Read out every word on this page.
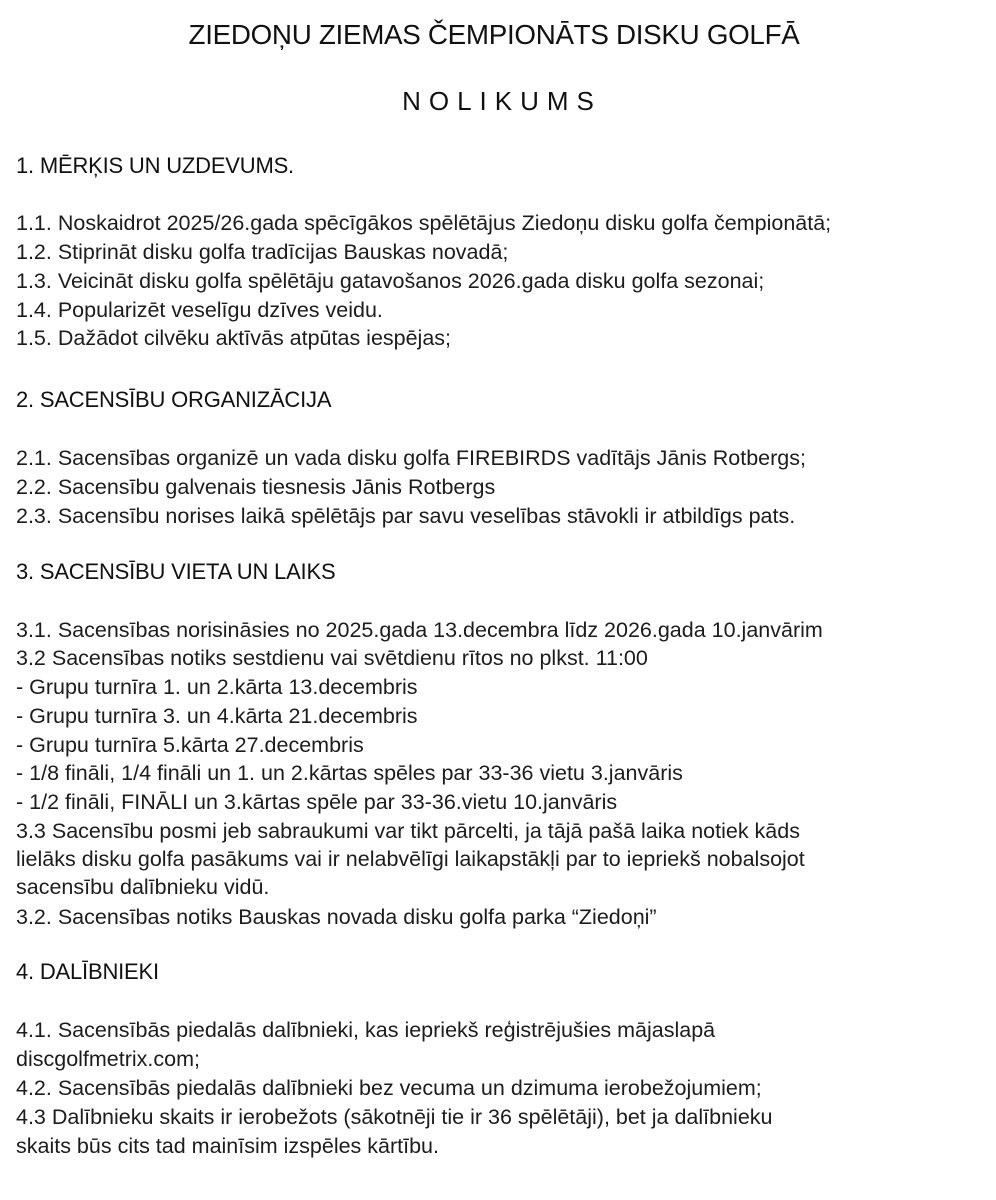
ZIEDOŅU ZIEMAS ČEMPIONĀTS DISKU GOLFĀ
NOLIKUMS
1. MĒRĶIS UN UZDEVUMS.
1.1. Noskaidrot 2025/26.gada spēcīgākos spēlētājus Ziedoņu disku golfa čempionātā;
1.2. Stiprināt disku golfa tradīcijas Bauskas novadā;
1.3. Veicināt disku golfa spēlētāju gatavošanos 2026.gada disku golfa sezonai;
1.4. Popularizēt veselīgu dzīves veidu.
1.5. Dažādot cilvēku aktīvās atpūtas iespējas;
2. SACENSĪBU ORGANIZĀCIJA
2.1. Sacensības organizē un vada disku golfa FIREBIRDS vadītājs Jānis Rotbergs;
2.2. Sacensību galvenais tiesnesis Jānis Rotbergs
2.3. Sacensību norises laikā spēlētājs par savu veselības stāvokli ir atbildīgs pats.
3. SACENSĪBU VIETA UN LAIKS
3.1. Sacensības norisināsies no 2025.gada 13.decembra līdz 2026.gada 10.janvārim
3.2 Sacensības notiks sestdienu vai svētdienu rītos no plkst. 11:00
- Grupu turnīra 1. un 2.kārta 13.decembris
- Grupu turnīra 3. un 4.kārta 21.decembris
- Grupu turnīra 5.kārta 27.decembris
- 1/8 fināli, 1/4 fināli un 1. un 2.kārtas spēles par 33-36 vietu 3.janvāris
- 1/2 fināli, FINĀLI un 3.kārtas spēle par 33-36.vietu 10.janvāris
3.3 Sacensību posmi jeb sabraukumi var tikt pārcelti, ja tājā pašā laika notiek kāds
lielāks disku golfa pasākums vai ir nelabvēlīgi laikapstākļi par to iepriekš nobalsojot
sacensību dalībnieku vidū.
3.2. Sacensības notiks Bauskas novada disku golfa parka “Ziedoņi”
4. DALĪBNIEKI
4.1. Sacensībās piedalās dalībnieki, kas iepriekš reģistrējušies mājaslapā
discgolfmetrix.com;
4.2. Sacensībās piedalās dalībnieki bez vecuma un dzimuma ierobežojumiem;
4.3 Dalībnieku skaits ir ierobežots (sākotnēji tie ir 36 spēlētāji), bet ja dalībnieku
skaits būs cits tad mainīsim izspēles kārtību.
